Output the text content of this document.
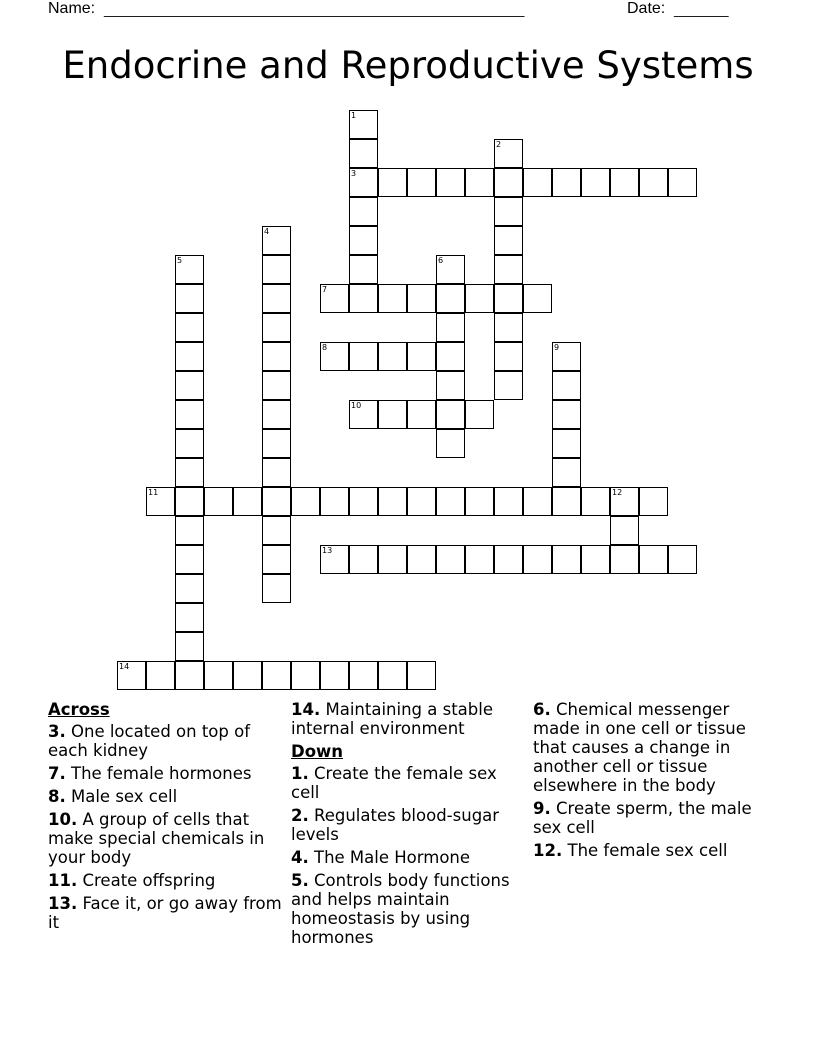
Name: ______________________________________________________	Date: _______
Endocrine and Reproductive Systems
1
2
3
4
5	6
7
8	9
10
11	12
13
14
Across
3. One located on top of each kidney
7. The female hormones
8. Male sex cell
10. A group of cells that make special chemicals in your body
11. Create offspring
13. Face it, or go away from it
14. Maintaining a stable internal environment
Down
1. Create the female sex cell
2. Regulates blood-sugar levels
4. The Male Hormone
5. Controls body functions and helps maintain homeostasis by using hormones
6. Chemical messenger made in one cell or tissue that causes a change in another cell or tissue elsewhere in the body
9. Create sperm, the male sex cell
12. The female sex cell
